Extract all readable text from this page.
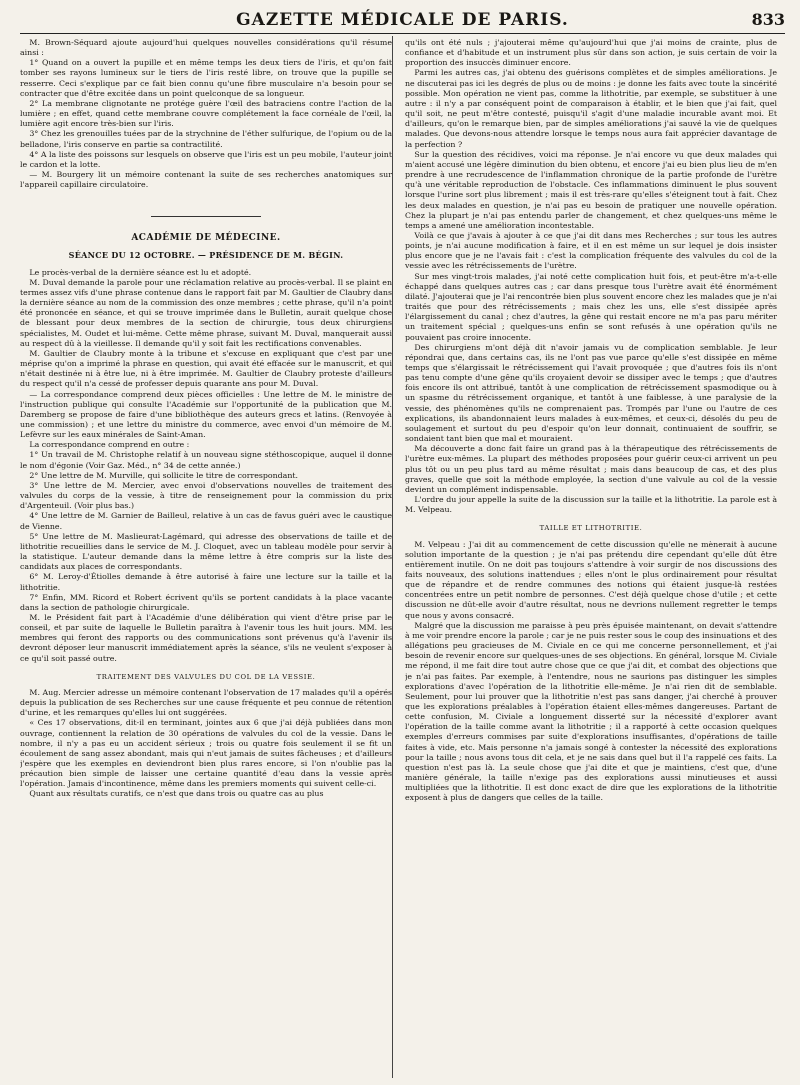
GAZETTE MÉDICALE DE PARIS.	833

M. Brown-Séquard ajoute aujourd'hui quelques nouvelles considérations qu'il résume ainsi :

1° Quand on a ouvert la pupille et en même temps les deux tiers de l'iris, et qu'on fait tomber ses rayons lumineux sur le tiers de l'iris resté libre, on trouve que la pupille se resserre. Ceci s'explique par ce fait bien connu qu'une fibre musculaire n'a besoin pour se contracter que d'être excitée dans un point quelconque de sa longueur.

2° La membrane clignotante ne protége guère l'œil des batraciens contre l'action de la lumière ; en effet, quand cette membrane couvre complétement la face cornéale de l'œil, la lumière agit encore très-bien sur l'iris.

3° Chez les grenouilles tuées par de la strychnine de l'éther sulfurique, de l'opium ou de la belladone, l'iris conserve en partie sa contractilité.

4° A la liste des poissons sur lesquels on observe que l'iris est un peu mobile, l'auteur joint le cardon et la lotte.

— M. Bourgery lit un mémoire contenant la suite de ses recherches anatomiques sur l'appareil capillaire circulatoire.

ACADÉMIE DE MÉDECINE.
SÉANCE DU 12 OCTOBRE. — PRÉSIDENCE DE M. BÉGIN.

Le procès-verbal de la dernière séance est lu et adopté.

M. Duval demande la parole pour une réclamation relative au procès-verbal. Il se plaint en termes assez vifs d'une phrase contenue dans le rapport fait par M. Gaultier de Claubry dans la dernière séance au nom de la commission des onze membres ; cette phrase, qu'il n'a point été prononcée en séance, et qui se trouve imprimée dans le Bulletin, aurait quelque chose de blessant pour deux membres de la section de chirurgie, tous deux chirurgiens spécialistes, M. Oudet et lui-même. Cette même phrase, suivant M. Duval, manquerait aussi au respect dû à la vieillesse. Il demande qu'il y soit fait les rectifications convenables.

M. Gaultier de Claubry monte à la tribune et s'excuse en expliquant que c'est par une méprise qu'on a imprimé la phrase en question, qui avait été effacée sur le manuscrit, et qui n'était destinée ni à être lue, ni à être imprimée. M. Gaultier de Claubry proteste d'ailleurs du respect qu'il n'a cessé de professer depuis quarante ans pour M. Duval.

— La correspondance comprend deux pièces officielles : Une lettre de M. le ministre de l'instruction publique qui consulte l'Académie sur l'opportunité de la publication que M. Daremberg se propose de faire d'une bibliothèque des auteurs grecs et latins. (Renvoyée à une commission) ; et une lettre du ministre du commerce, avec envoi d'un mémoire de M. Lefèvre sur les eaux minérales de Saint-Aman.

La correspondance comprend en outre :

1° Un travail de M. Christophe relatif à un nouveau signe stéthoscopique, auquel il donne le nom d'égonie (Voir Gaz. Méd., n° 34 de cette année.)

2° Une lettre de M. Murville, qui sollicite le titre de correspondant.

3° Une lettre de M. Mercier, avec envoi d'observations nouvelles de traitement des valvules du corps de la vessie, à titre de renseignement pour la commission du prix d'Argenteuil. (Voir plus bas.)

4° Une lettre de M. Garnier de Bailleul, relative à un cas de favus guéri avec le caustique de Vienne.

5° Une lettre de M. Maslieurat-Lagémard, qui adresse des observations de taille et de lithotritie recueillies dans le service de M. J. Cloquet, avec un tableau modèle pour servir à la statistique. L'auteur demande dans la même lettre à être compris sur la liste des candidats aux places de correspondants.

6° M. Leroy-d'Étiolles demande à être autorisé à faire une lecture sur la taille et la lithotritie.

7° Enfin, MM. Ricord et Robert écrivent qu'ils se portent candidats à la place vacante dans la section de pathologie chirurgicale.

M. le Président fait part à l'Académie d'une délibération qui vient d'être prise par le conseil, et par suite de laquelle le Bulletin paraîtra à l'avenir tous les huit jours. MM. les membres qui feront des rapports ou des communications sont prévenus qu'à l'avenir ils devront déposer leur manuscrit immédiatement après la séance, s'ils ne veulent s'exposer à ce qu'il soit passé outre.

TRAITEMENT DES VALVULES DU COL DE LA VESSIE.

M. Aug. Mercier adresse un mémoire contenant l'observation de 17 malades qu'il a opérés depuis la publication de ses Recherches sur une cause fréquente et peu connue de rétention d'urine, et les remarques qu'elles lui ont suggérées.

« Ces 17 observations, dit-il en terminant, jointes aux 6 que j'ai déjà publiées dans mon ouvrage, contiennent la relation de 30 opérations de valvules du col de la vessie. Dans le nombre, il n'y a pas eu un accident sérieux ; trois ou quatre fois seulement il se fit un écoulement de sang assez abondant, mais qui n'eut jamais de suites fâcheuses ; et d'ailleurs j'espère que les exemples en deviendront bien plus rares encore, si l'on n'oublie pas la précaution bien simple de laisser une certaine quantité d'eau dans la vessie après l'opération. Jamais d'incontinence, même dans les premiers moments qui suivent celle-ci.

Quant aux résultats curatifs, ce n'est que dans trois ou quatre cas au plus

qu'ils ont été nuls ; j'ajouterai même qu'aujourd'hui que j'ai moins de crainte, plus de confiance et d'habitude et un instrument plus sûr dans son action, je suis certain de voir la proportion des insuccès diminuer encore.

Parmi les autres cas, j'ai obtenu des guérisons complètes et de simples améliorations. Je ne discuterai pas ici les degrés de plus ou de moins : je donne les faits avec toute la sincérité possible. Mon opération ne vient pas, comme la lithotritie, par exemple, se substituer à une autre : il n'y a par conséquent point de comparaison à établir, et le bien que j'ai fait, quel qu'il soit, ne peut m'être contesté, puisqu'il s'agit d'une maladie incurable avant moi. Et d'ailleurs, qu'on le remarque bien, par de simples améliorations j'ai sauvé la vie de quelques malades. Que devons-nous attendre lorsque le temps nous aura fait apprécier davantage de la perfection ?

Sur la question des récidives, voici ma réponse. Je n'ai encore vu que deux malades qui m'aient accusé une légère diminution du bien obtenu, et encore j'ai eu bien plus lieu de m'en prendre à une recrudescence de l'inflammation chronique de la partie profonde de l'urètre qu'à une véritable reproduction de l'obstacle. Ces inflammations diminuent le plus souvent lorsque l'urine sort plus librement ; mais il est très-rare qu'elles s'éteignent tout à fait. Chez les deux malades en question, je n'ai pas eu besoin de pratiquer une nouvelle opération. Chez la plupart je n'ai pas entendu parler de changement, et chez quelques-uns même le temps a amené une amélioration incontestable.

Voilà ce que j'avais à ajouter à ce que j'ai dit dans mes Recherches ; sur tous les autres points, je n'ai aucune modification à faire, et il en est même un sur lequel je dois insister plus encore que je ne l'avais fait : c'est la complication fréquente des valvules du col de la vessie avec les rétrécissements de l'urètre.

Sur mes vingt-trois malades, j'ai noté cette complication huit fois, et peut-être m'a-t-elle échappé dans quelques autres cas ; car dans presque tous l'urètre avait été énormément dilaté. J'ajouterai que je l'ai rencontrée bien plus souvent encore chez les malades que je n'ai traités que pour des rétrécissements ; mais chez les uns, elle s'est dissipée après l'élargissement du canal ; chez d'autres, la gêne qui restait encore ne m'a pas paru mériter un traitement spécial ; quelques-uns enfin se sont refusés à une opération qu'ils ne pouvaient pas croire innocente.

Des chirurgiens m'ont déjà dit n'avoir jamais vu de complication semblable. Je leur répondrai que, dans certains cas, ils ne l'ont pas vue parce qu'elle s'est dissipée en même temps que s'élargissait le rétrécissement qui l'avait provoquée ; que d'autres fois ils n'ont pas tenu compte d'une gêne qu'ils croyaient devoir se dissiper avec le temps ; que d'autres fois encore ils ont attribué, tantôt à une complication de rétrécissement spasmodique ou à un spasme du rétrécissement organique, et tantôt à une faiblesse, à une paralysie de la vessie, des phénomènes qu'ils ne comprenaient pas. Trompés par l'une ou l'autre de ces explications, ils abandonnaient leurs malades à eux-mêmes, et ceux-ci, désolés du peu de soulagement et surtout du peu d'espoir qu'on leur donnait, continuaient de souffrir, se sondaient tant bien que mal et mouraient.

Ma découverte a donc fait faire un grand pas à la thérapeutique des rétrécissements de l'urètre eux-mêmes. La plupart des méthodes proposées pour guérir ceux-ci arrivent un peu plus tôt ou un peu plus tard au même résultat ; mais dans beaucoup de cas, et des plus graves, quelle que soit la méthode employée, la section d'une valvule au col de la vessie devient un complément indispensable.

L'ordre du jour appelle la suite de la discussion sur la taille et la lithotritie. La parole est à M. Velpeau.

TAILLE ET LITHOTRITIE.

M. Velpeau : J'ai dit au commencement de cette discussion qu'elle ne mènerait à aucune solution importante de la question ; je n'ai pas prétendu dire cependant qu'elle dût être entièrement inutile. On ne doit pas toujours s'attendre à voir surgir de nos discussions des faits nouveaux, des solutions inattendues ; elles n'ont le plus ordinairement pour résultat que de répandre et de rendre communes des notions qui étaient jusque-là restées concentrées entre un petit nombre de personnes. C'est déjà quelque chose d'utile ; et cette discussion ne dût-elle avoir d'autre résultat, nous ne devrions nullement regretter le temps que nous y avons consacré.

Malgré que la discussion me paraisse à peu près épuisée maintenant, on devait s'attendre à me voir prendre encore la parole ; car je ne puis rester sous le coup des insinuations et des allégations peu gracieuses de M. Civiale en ce qui me concerne personnellement, et j'ai besoin de revenir encore sur quelques-unes de ses objections. En général, lorsque M. Civiale me répond, il me fait dire tout autre chose que ce que j'ai dit, et combat des objections que je n'ai pas faites. Par exemple, à l'entendre, nous ne saurions pas distinguer les simples explorations d'avec l'opération de la lithotritie elle-même. Je n'ai rien dit de semblable. Seulement, pour lui prouver que la lithotritie n'est pas sans danger, j'ai cherché à prouver que les explorations préalables à l'opération étaient elles-mêmes dangereuses. Partant de cette confusion, M. Civiale a longuement disserté sur la nécessité d'explorer avant l'opération de la taille comme avant la lithotritie ; il a rapporté à cette occasion quelques exemples d'erreurs commises par suite d'explorations insuffisantes, d'opérations de taille faites à vide, etc. Mais personne n'a jamais songé à contester la nécessité des explorations pour la taille ; nous avons tous dit cela, et je ne sais dans quel but il l'a rappelé ces faits. La question n'est pas là. La seule chose que j'ai dite et que je maintiens, c'est que, d'une manière générale, la taille n'exige pas des explorations aussi minutieuses et aussi multipliées que la lithotritie. Il est donc exact de dire que les explorations de la lithotritie exposent à plus de dangers que celles de la taille.
